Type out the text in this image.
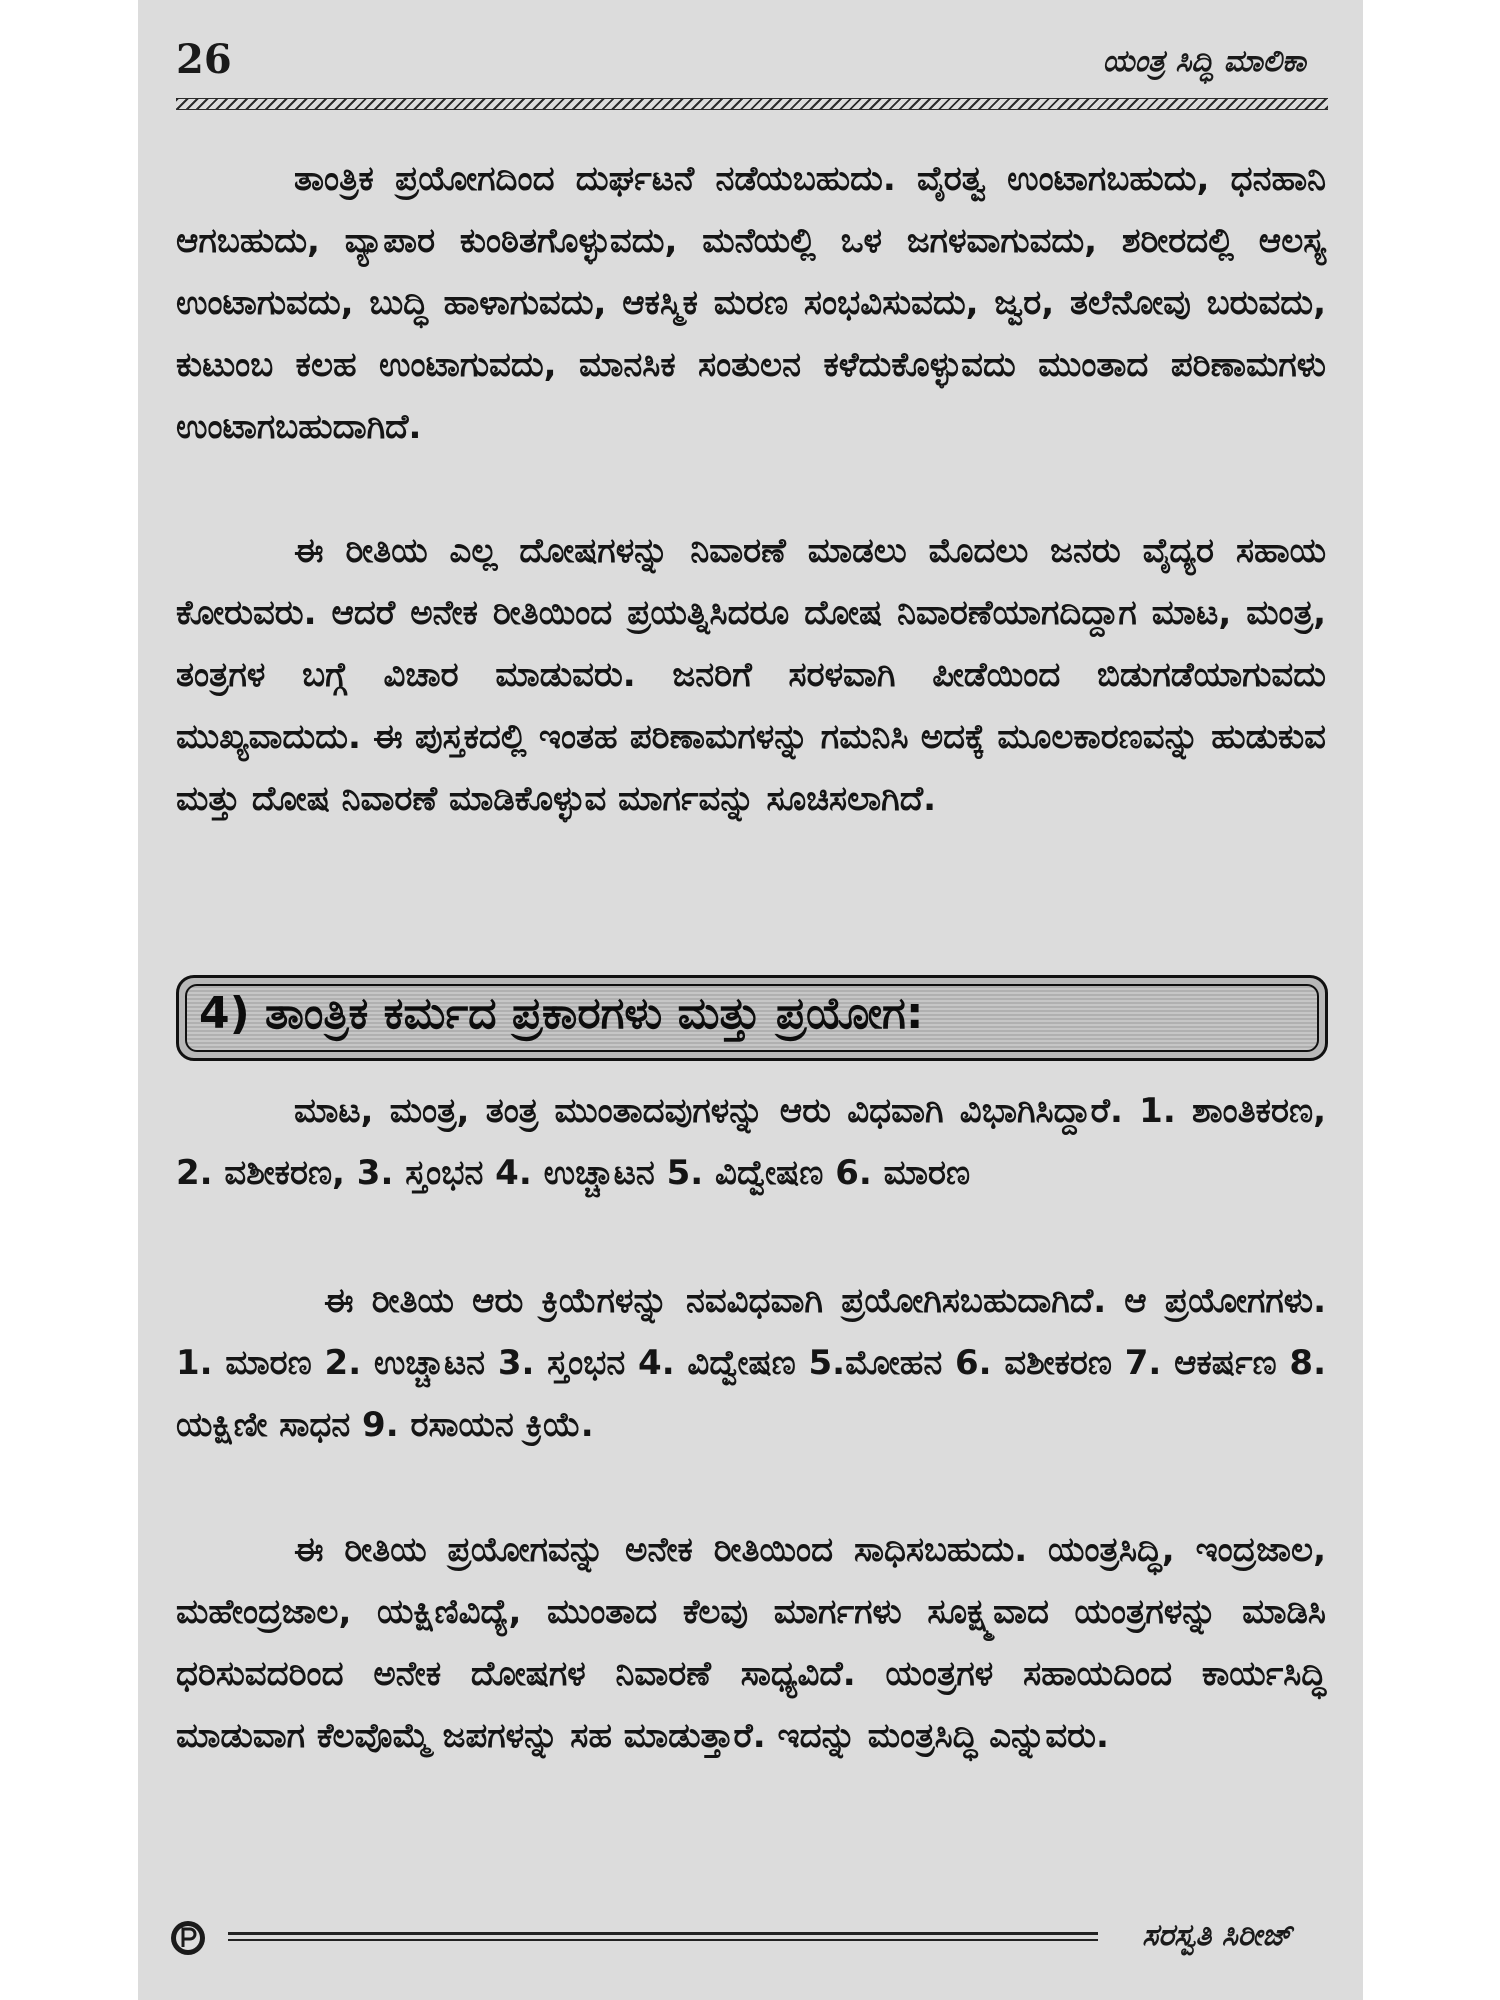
26	ಯಂತ್ರ ಸಿದ್ಧಿ ಮಾಲಿಕಾ

ತಾಂತ್ರಿಕ ಪ್ರಯೋಗದಿಂದ ದುರ್ಘಟನೆ ನಡೆಯಬಹುದು. ವೈರತ್ವ ಉಂಟಾಗಬಹುದು, ಧನಹಾನಿ ಆಗಬಹುದು, ವ್ಯಾಪಾರ ಕುಂಠಿತಗೊಳ್ಳುವದು, ಮನೆಯಲ್ಲಿ ಒಳ ಜಗಳವಾಗುವದು, ಶರೀರದಲ್ಲಿ ಆಲಸ್ಯ ಉಂಟಾಗುವದು, ಬುದ್ಧಿ ಹಾಳಾಗುವದು, ಆಕಸ್ಮಿಕ ಮರಣ ಸಂಭವಿಸುವದು, ಜ್ವರ, ತಲೆನೋವು ಬರುವದು, ಕುಟುಂಬ ಕಲಹ ಉಂಟಾಗುವದು, ಮಾನಸಿಕ ಸಂತುಲನ ಕಳೆದುಕೊಳ್ಳುವದು ಮುಂತಾದ ಪರಿಣಾಮಗಳು ಉಂಟಾಗಬಹುದಾಗಿದೆ.

ಈ ರೀತಿಯ ಎಲ್ಲ ದೋಷಗಳನ್ನು ನಿವಾರಣೆ ಮಾಡಲು ಮೊದಲು ಜನರು ವೈದ್ಯರ ಸಹಾಯ ಕೋರುವರು. ಆದರೆ ಅನೇಕ ರೀತಿಯಿಂದ ಪ್ರಯತ್ನಿಸಿದರೂ ದೋಷ ನಿವಾರಣೆಯಾಗದಿದ್ದಾಗ ಮಾಟ, ಮಂತ್ರ, ತಂತ್ರಗಳ ಬಗ್ಗೆ ವಿಚಾರ ಮಾಡುವರು. ಜನರಿಗೆ ಸರಳವಾಗಿ ಪೀಡೆಯಿಂದ ಬಿಡುಗಡೆಯಾಗುವದು ಮುಖ್ಯವಾದುದು. ಈ ಪುಸ್ತಕದಲ್ಲಿ ಇಂತಹ ಪರಿಣಾಮಗಳನ್ನು ಗಮನಿಸಿ ಅದಕ್ಕೆ ಮೂಲಕಾರಣವನ್ನು ಹುಡುಕುವ ಮತ್ತು ದೋಷ ನಿವಾರಣೆ ಮಾಡಿಕೊಳ್ಳುವ ಮಾರ್ಗವನ್ನು ಸೂಚಿಸಲಾಗಿದೆ.

4) ತಾಂತ್ರಿಕ ಕರ್ಮದ ಪ್ರಕಾರಗಳು ಮತ್ತು ಪ್ರಯೋಗ:

ಮಾಟ, ಮಂತ್ರ, ತಂತ್ರ ಮುಂತಾದವುಗಳನ್ನು ಆರು ವಿಧವಾಗಿ ವಿಭಾಗಿಸಿದ್ದಾರೆ. 1. ಶಾಂತಿಕರಣ, 2. ವಶೀಕರಣ, 3. ಸ್ತಂಭನ 4. ಉಚ್ಚಾಟನ 5. ವಿದ್ವೇಷಣ 6. ಮಾರಣ

ಈ ರೀತಿಯ ಆರು ಕ್ರಿಯೆಗಳನ್ನು ನವವಿಧವಾಗಿ ಪ್ರಯೋಗಿಸಬಹುದಾಗಿದೆ. ಆ ಪ್ರಯೋಗಗಳು. 1. ಮಾರಣ 2. ಉಚ್ಚಾಟನ 3. ಸ್ತಂಭನ 4. ವಿದ್ವೇಷಣ 5.ಮೋಹನ 6. ವಶೀಕರಣ 7. ಆಕರ್ಷಣ 8. ಯಕ್ಷಿಣೀ ಸಾಧನ 9. ರಸಾಯನ ಕ್ರಿಯೆ.

ಈ ರೀತಿಯ ಪ್ರಯೋಗವನ್ನು ಅನೇಕ ರೀತಿಯಿಂದ ಸಾಧಿಸಬಹುದು. ಯಂತ್ರಸಿದ್ಧಿ, ಇಂದ್ರಜಾಲ, ಮಹೇಂದ್ರಜಾಲ, ಯಕ್ಷಿಣಿವಿದ್ಯೆ, ಮುಂತಾದ ಕೆಲವು ಮಾರ್ಗಗಳು ಸೂಕ್ಷ್ಮವಾದ ಯಂತ್ರಗಳನ್ನು ಮಾಡಿಸಿ ಧರಿಸುವದರಿಂದ ಅನೇಕ ದೋಷಗಳ ನಿವಾರಣೆ ಸಾಧ್ಯವಿದೆ. ಯಂತ್ರಗಳ ಸಹಾಯದಿಂದ ಕಾರ್ಯಸಿದ್ಧಿ ಮಾಡುವಾಗ ಕೆಲವೊಮ್ಮೆ ಜಪಗಳನ್ನು ಸಹ ಮಾಡುತ್ತಾರೆ. ಇದನ್ನು ಮಂತ್ರಸಿದ್ಧಿ ಎನ್ನುವರು.

ಸರಸ್ವತಿ ಸಿರೀಜ್
